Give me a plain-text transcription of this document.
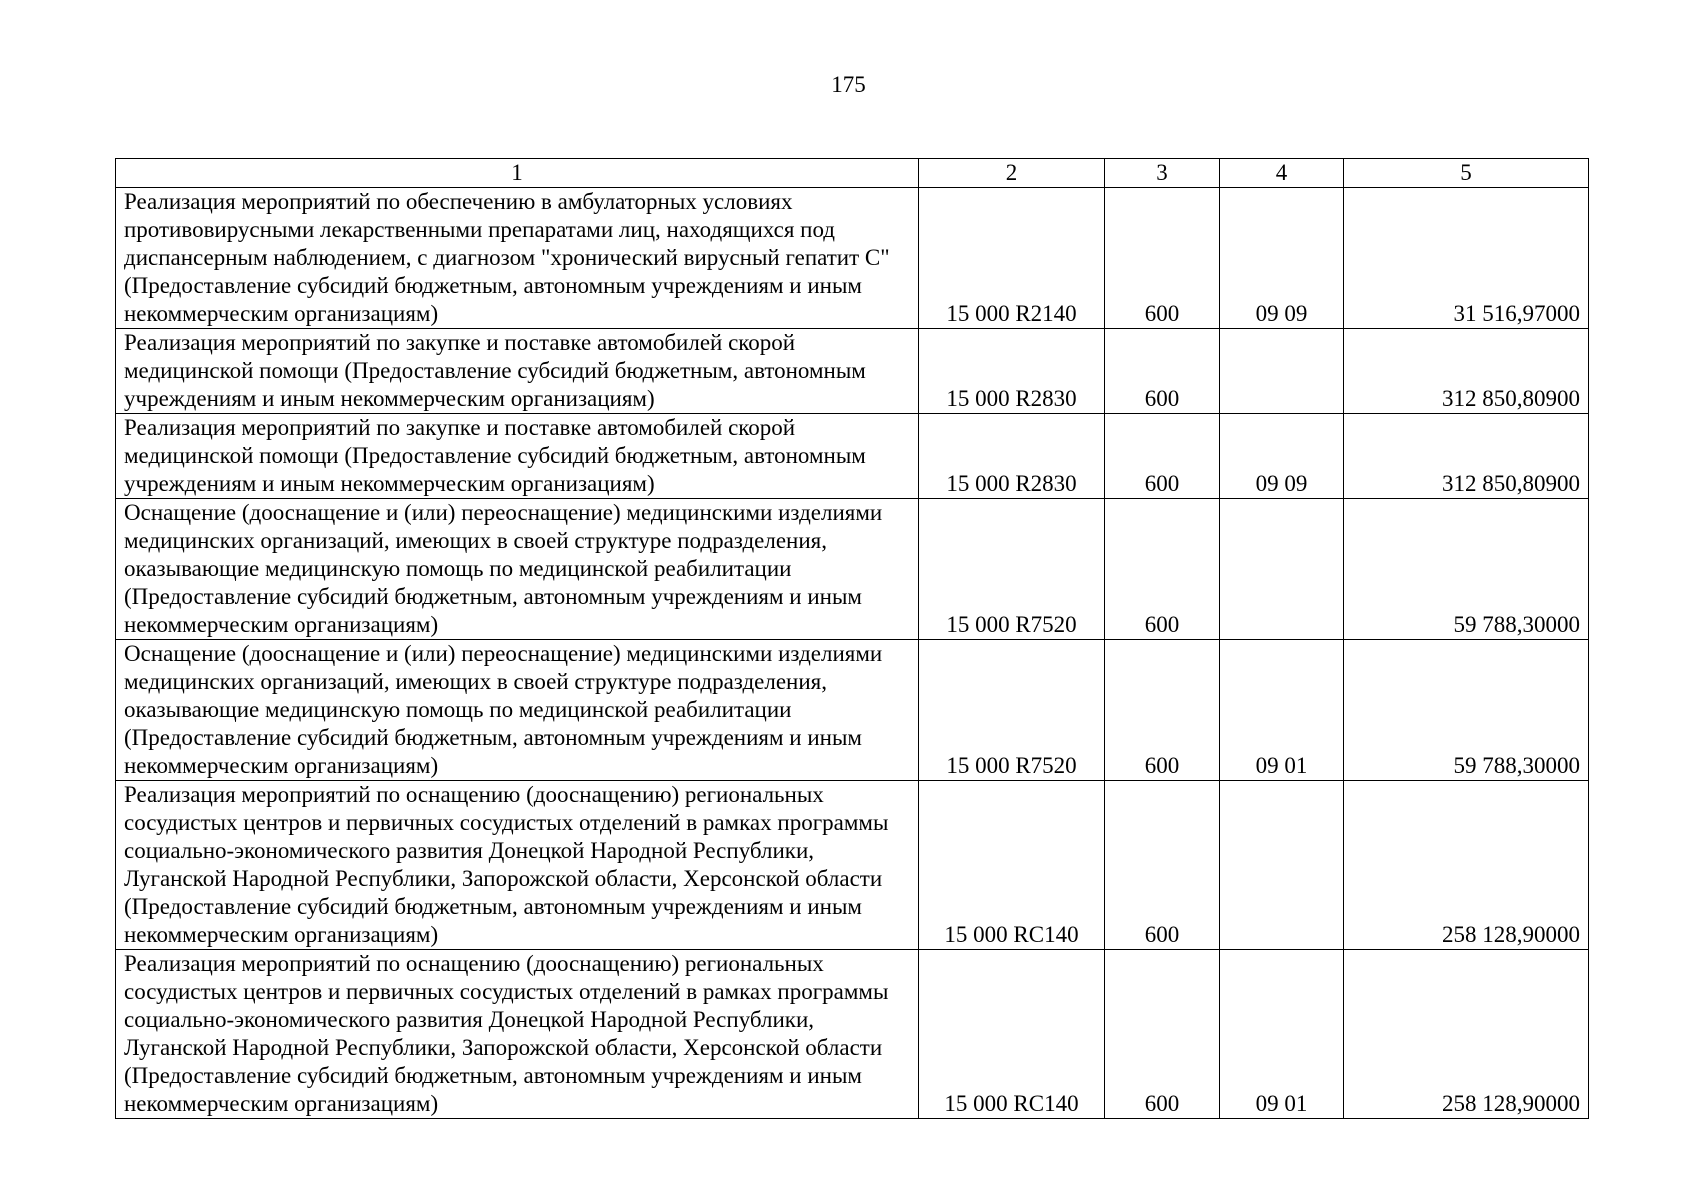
175
1	2	3	4	5
Реализация мероприятий по обеспечению в амбулаторных условиях противовирусными лекарственными препаратами лиц, находящихся под диспансерным наблюдением, с диагнозом "хронический вирусный гепатит С" (Предоставление субсидий бюджетным, автономным учреждениям и иным некоммерческим организациям)	15 000 R2140	600	09 09	31 516,97000
Реализация мероприятий по закупке и поставке автомобилей скорой медицинской помощи (Предоставление субсидий бюджетным, автономным учреждениям и иным некоммерческим организациям)	15 000 R2830	600		312 850,80900
Реализация мероприятий по закупке и поставке автомобилей скорой медицинской помощи (Предоставление субсидий бюджетным, автономным учреждениям и иным некоммерческим организациям)	15 000 R2830	600	09 09	312 850,80900
Оснащение (дооснащение и (или) переоснащение) медицинскими изделиями медицинских организаций, имеющих в своей структуре подразделения, оказывающие медицинскую помощь по медицинской реабилитации (Предоставление субсидий бюджетным, автономным учреждениям и иным некоммерческим организациям)	15 000 R7520	600		59 788,30000
Оснащение (дооснащение и (или) переоснащение) медицинскими изделиями медицинских организаций, имеющих в своей структуре подразделения, оказывающие медицинскую помощь по медицинской реабилитации (Предоставление субсидий бюджетным, автономным учреждениям и иным некоммерческим организациям)	15 000 R7520	600	09 01	59 788,30000
Реализация мероприятий по оснащению (дооснащению) региональных сосудистых центров и первичных сосудистых отделений в рамках программы социально-экономического развития Донецкой Народной Республики, Луганской Народной Республики, Запорожской области, Херсонской области (Предоставление субсидий бюджетным, автономным учреждениям и иным некоммерческим организациям)	15 000 RС140	600		258 128,90000
Реализация мероприятий по оснащению (дооснащению) региональных сосудистых центров и первичных сосудистых отделений в рамках программы социально-экономического развития Донецкой Народной Республики, Луганской Народной Республики, Запорожской области, Херсонской области (Предоставление субсидий бюджетным, автономным учреждениям и иным некоммерческим организациям)	15 000 RС140	600	09 01	258 128,90000
